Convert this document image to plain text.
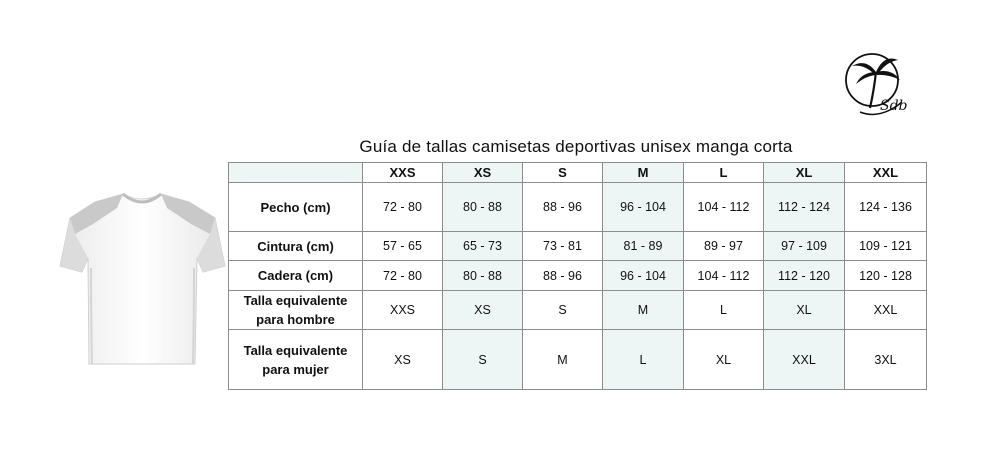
Sdb
Guía de tallas camisetas deportivas unisex manga corta
	XXS	XS	S	M	L	XL	XXL
Pecho (cm)	72 - 80	80 - 88	88 - 96	96 - 104	104 - 112	112 - 124	124 - 136
Cintura (cm)	57 - 65	65 - 73	73 - 81	81 - 89	89 - 97	97 - 109	109 - 121
Cadera (cm)	72 - 80	80 - 88	88 - 96	96 - 104	104 - 112	112 - 120	120 - 128

Talla equivalente
para hombre	XXS	XS	S	M	L	XL	XXL

Talla equivalente
para mujer	XS	S	M	L	XL	XXL	3XL
